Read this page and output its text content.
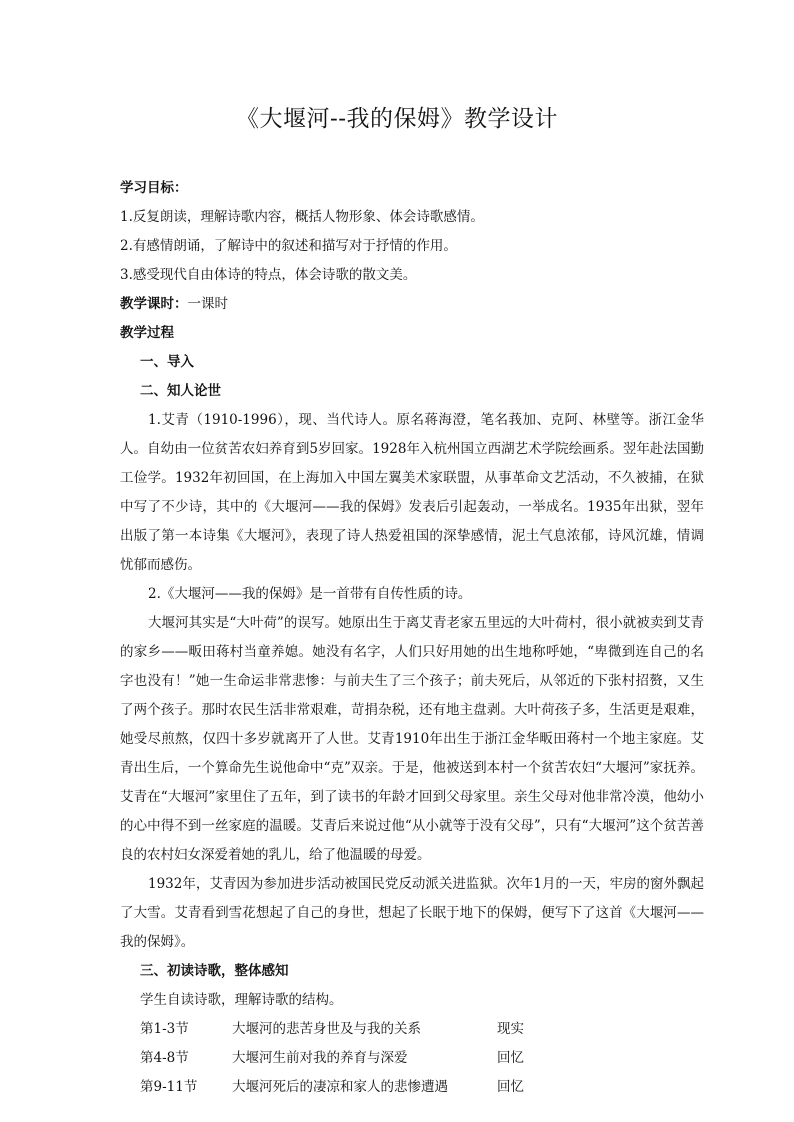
《大堰河--我的保姆》教学设计

学习目标：

1.反复朗读，理解诗歌内容，概括人物形象、体会诗歌感情。

2.有感情朗诵，了解诗中的叙述和描写对于抒情的作用。

3.感受现代自由体诗的特点，体会诗歌的散文美。

教学课时：一课时

教学过程

一、导入

二、知人论世

1.艾青（1910-1996），现、当代诗人。原名蒋海澄，笔名莪加、克阿、林壁等。浙江金华人。自幼由一位贫苦农妇养育到5岁回家。1928年入杭州国立西湖艺术学院绘画系。翌年赴法国勤工俭学。1932年初回国，在上海加入中国左翼美术家联盟，从事革命文艺活动，不久被捕，在狱中写了不少诗，其中的《大堰河——我的保姆》发表后引起轰动，一举成名。1935年出狱，翌年出版了第一本诗集《大堰河》，表现了诗人热爱祖国的深挚感情，泥土气息浓郁，诗风沉雄，情调忧郁而感伤。

2.《大堰河——我的保姆》是一首带有自传性质的诗。

大堰河其实是“大叶荷”的误写。她原出生于离艾青老家五里远的大叶荷村，很小就被卖到艾青的家乡——畈田蒋村当童养媳。她没有名字，人们只好用她的出生地称呼她，“卑微到连自己的名字也没有！”她一生命运非常悲惨：与前夫生了三个孩子；前夫死后，从邻近的下张村招赘，又生了两个孩子。那时农民生活非常艰难，苛捐杂税，还有地主盘剥。大叶荷孩子多，生活更是艰难，她受尽煎熬，仅四十多岁就离开了人世。艾青1910年出生于浙江金华畈田蒋村一个地主家庭。艾青出生后，一个算命先生说他命中“克”双亲。于是，他被送到本村一个贫苦农妇“大堰河”家抚养。艾青在“大堰河”家里住了五年，到了读书的年龄才回到父母家里。亲生父母对他非常冷漠，他幼小的心中得不到一丝家庭的温暖。艾青后来说过他“从小就等于没有父母”，只有“大堰河”这个贫苦善良的农村妇女深爱着她的乳儿，给了他温暖的母爱。

1932年，艾青因为参加进步活动被国民党反动派关进监狱。次年1月的一天，牢房的窗外飘起了大雪。艾青看到雪花想起了自己的身世，想起了长眠于地下的保姆，便写下了这首《大堰河——我的保姆》。

三、初读诗歌，整体感知

学生自读诗歌，理解诗歌的结构。

第1-3节	大堰河的悲苦身世及与我的关系	现实
第4-8节	大堰河生前对我的养育与深爱	回忆
第9-11节	大堰河死后的凄凉和家人的悲惨遭遇	回忆
